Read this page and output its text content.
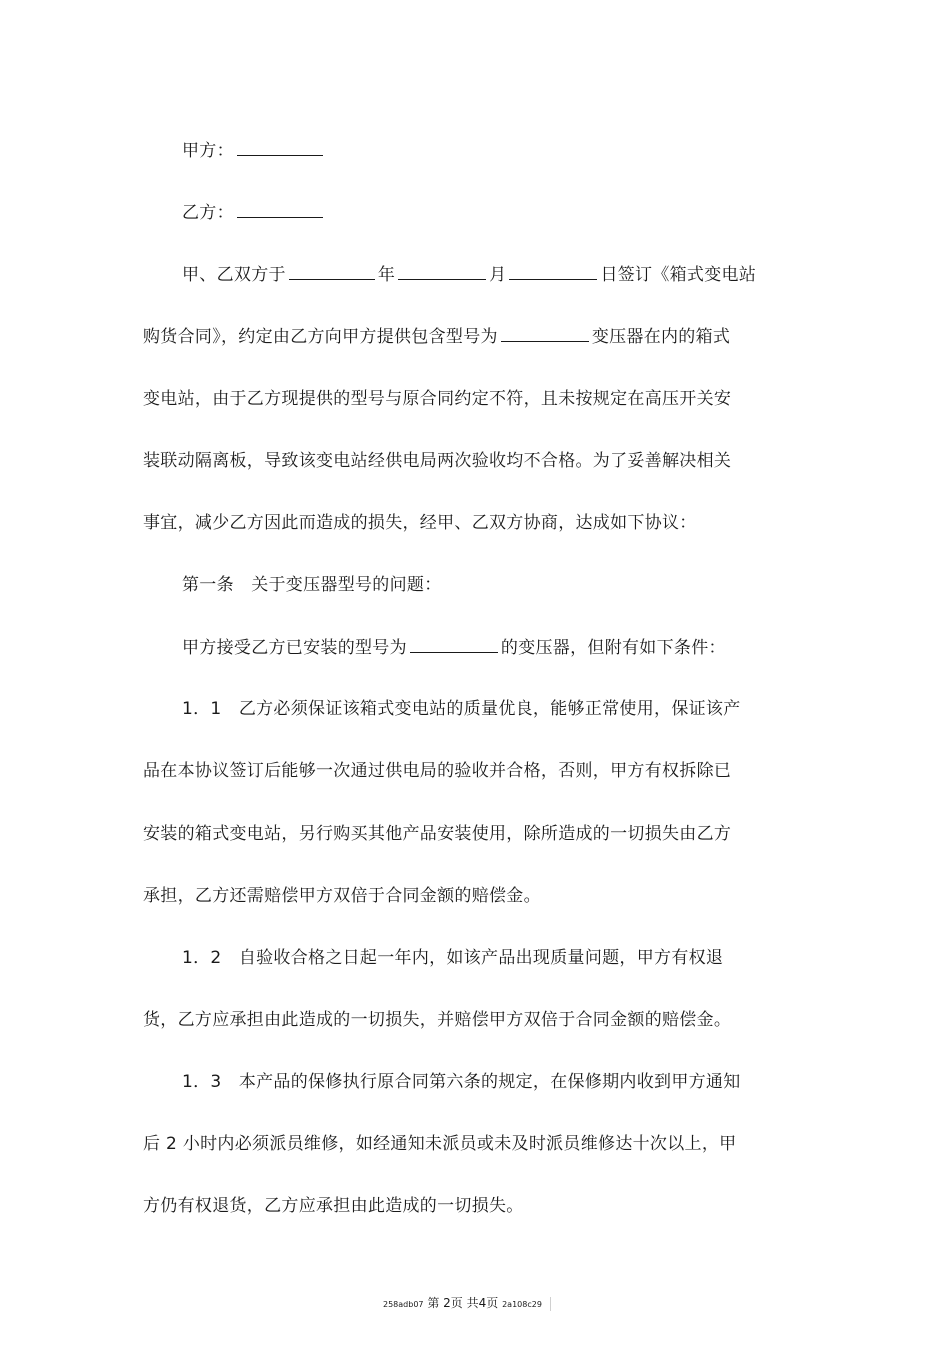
甲方：
乙方：
甲、乙双方于	年	月	日签订《箱式变电站
购货合同》，约定由乙方向甲方提供包含型号为	变压器在内的箱式
变电站，由于乙方现提供的型号与原合同约定不符，且未按规定在高压开关安
装联动隔离板，导致该变电站经供电局两次验收均不合格。为了妥善解决相关
事宜，减少乙方因此而造成的损失，经甲、乙双方协商，达成如下协议：
第一条　关于变压器型号的问题：
甲方接受乙方已安装的型号为	的变压器，但附有如下条件：
1．1　乙方必须保证该箱式变电站的质量优良，能够正常使用，保证该产
品在本协议签订后能够一次通过供电局的验收并合格，否则，甲方有权拆除已
安装的箱式变电站，另行购买其他产品安装使用，除所造成的一切损失由乙方
承担，乙方还需赔偿甲方双倍于合同金额的赔偿金。
1．2　自验收合格之日起一年内，如该产品出现质量问题，甲方有权退
货，乙方应承担由此造成的一切损失，并赔偿甲方双倍于合同金额的赔偿金。
1．3　本产品的保修执行原合同第六条的规定，在保修期内收到甲方通知
后 2 小时内必须派员维修，如经通知未派员或未及时派员维修达十次以上，甲
方仍有权退货，乙方应承担由此造成的一切损失。
258adb07 第 2页 共4页 2a108c29
